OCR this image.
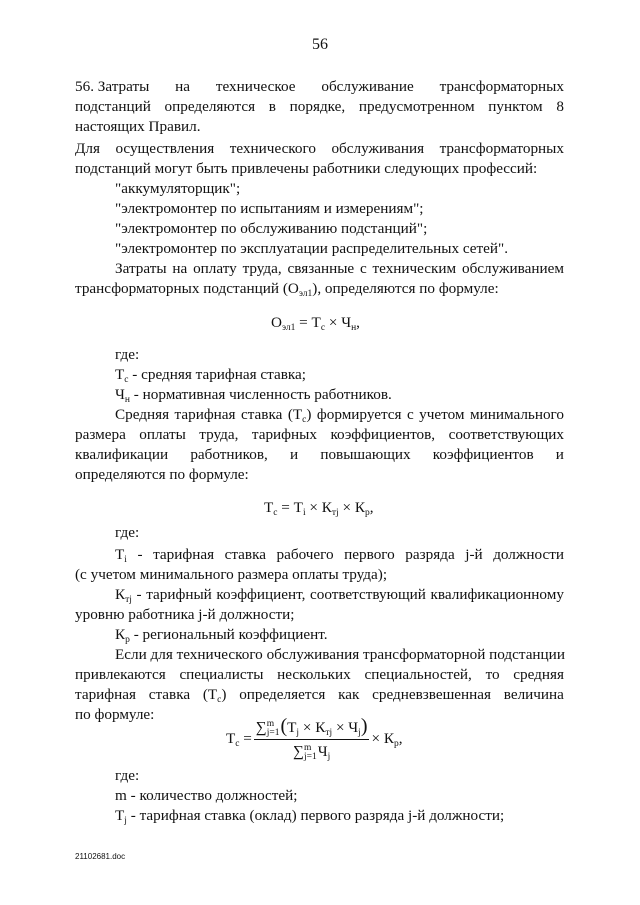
56
56. Затраты на техническое обслуживание трансформаторных
подстанций определяются в порядке, предусмотренном пунктом 8
настоящих Правил.
Для осуществления технического обслуживания трансформаторных
подстанций могут быть привлечены работники следующих профессий:
"аккумуляторщик";
"электромонтер по испытаниям и измерениям";
"электромонтер по обслуживанию подстанций";
"электромонтер по эксплуатации распределительных сетей".
Затраты на оплату труда, связанные с техническим обслуживанием
трансформаторных подстанций $(О_{эл1})$, определяются по формуле:
$О_{эл1} = Т_с \times Ч_н$,
где:
$Т_с$ - средняя тарифная ставка;
$Ч_н$ - нормативная численность работников.
Средняя тарифная ставка $(Т_с)$ формируется с учетом минимального
размера оплаты труда, тарифных коэффициентов, соответствующих
квалификации работников, и повышающих коэффициентов и
определяются по формуле:
$Т_с = Т_i \times К_{тj} \times К_р$,
где:
$Т_i$ - тарифная ставка рабочего первого разряда j-й должности
(с учетом минимального размера оплаты труда);
$К_{тj}$ - тарифный коэффициент, соответствующий квалификационному
уровню работника j-й должности;
$К_р$ - региональный коэффициент.
Если для технического обслуживания трансформаторной подстанции
привлекаются специалисты нескольких специальностей, то средняя
тарифная ставка $(Т_с)$ определяется как средневзвешенная величина
по формуле:
$Т_с$ = ∑ m
j=1 $(Т_j \times К_{тj} \times Ч_j)$
∑ m
j=1 $Ч_j \times К_р$,
где:
m - количество должностей;
$Т_j$ - тарифная ставка (оклад) первого разряда j-й должности;
21102681.doc
